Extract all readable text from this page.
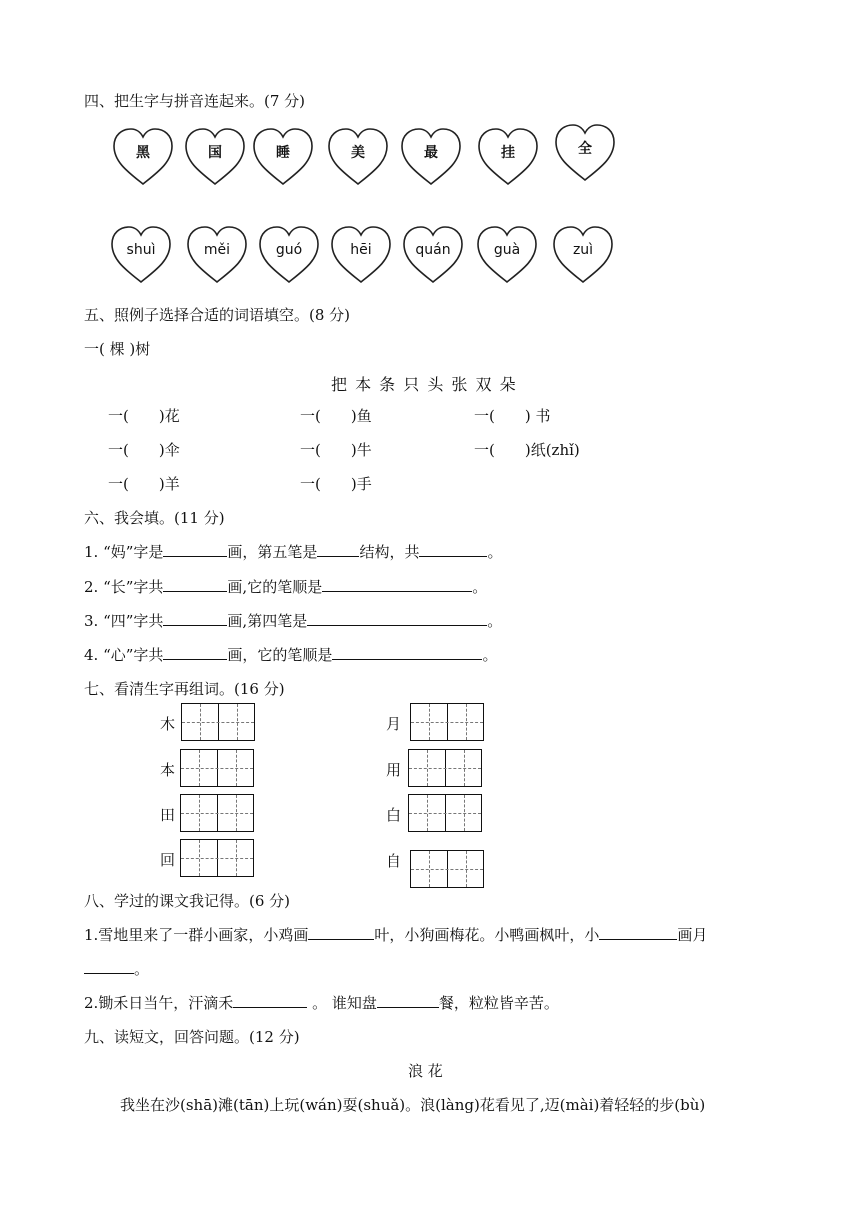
四、把生字与拼音连起来。(7 分)
黑	国	睡	美	最	挂	全
shuì	měi	guó	hēi	quán	guà	zuì
五、照例子选择合适的词语填空。(8 分)
一( 棵 )树
把 本 条 只 头 张 双 朵
一(　　)花	一(　　)鱼	一(　　) 书
一(　　)伞	一(　　)牛	一(　　)纸(zhǐ)
一(　　)羊	一(　　)手
六、我会填。(11 分)
1. “妈”字是	画，第五笔是	结构，共	。
2. “长”字共	画,它的笔顺是	。
3. “四”字共	画,第四笔是	。
4. “心”字共	画，它的笔顺是	。
七、看清生字再组词。(16 分)
木
本
田
回
月
用
白
自
八、学过的课文我记得。(6 分)
1.雪地里来了一群小画家，小鸡画	叶，小狗画梅花。小鸭画枫叶，小	画月
。
2.锄禾日当午，汗滴禾	。 谁知盘	餐，粒粒皆辛苦。
九、读短文，回答问题。(12 分)
浪 花
我坐在沙(shā)滩(tān)上玩(wán)耍(shuǎ)。浪(làng)花看见了,迈(mài)着轻轻的步(bù)
